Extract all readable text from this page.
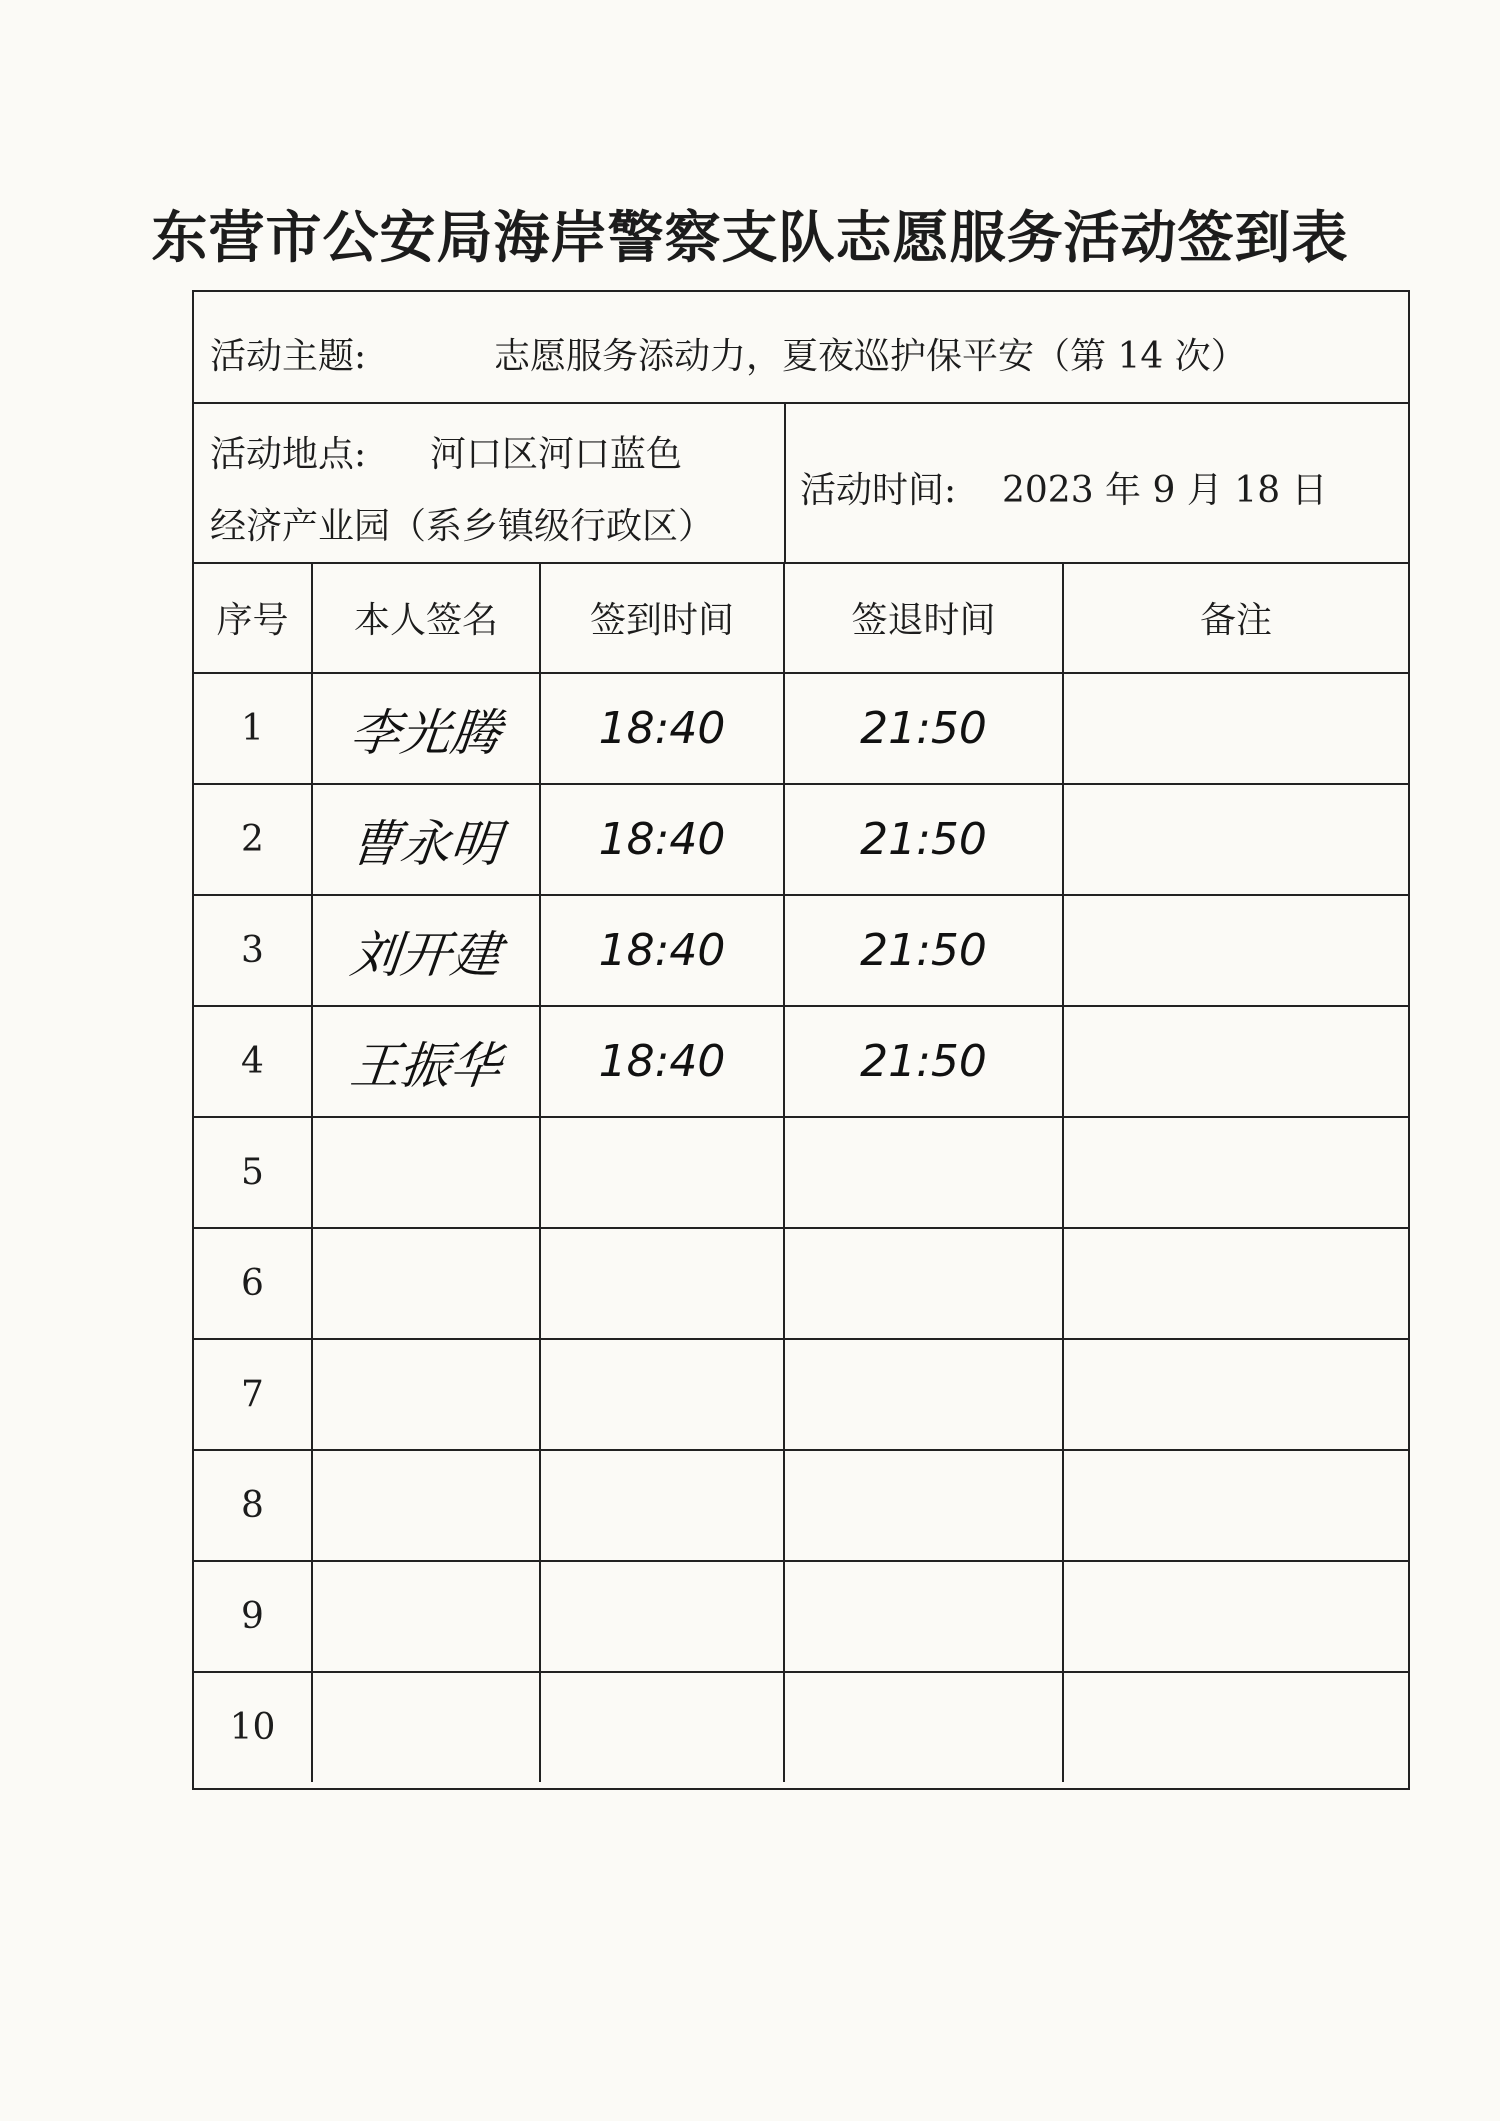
东营市公安局海岸警察支队志愿服务活动签到表
活动主题:	志愿服务添动力，夏夜巡护保平安（第 14 次）
活动地点: 河口区河口蓝色
经济产业园（系乡镇级行政区）
活动时间: 2023 年 9 月 18 日
序号	本人签名	签到时间	签退时间	备注
1	李光腾	18:40	21:50	
2	曹永明	18:40	21:50	
3	刘开建	18:40	21:50	
4	王振华	18:40	21:50	
5				
6				
7				
8				
9				
10				
